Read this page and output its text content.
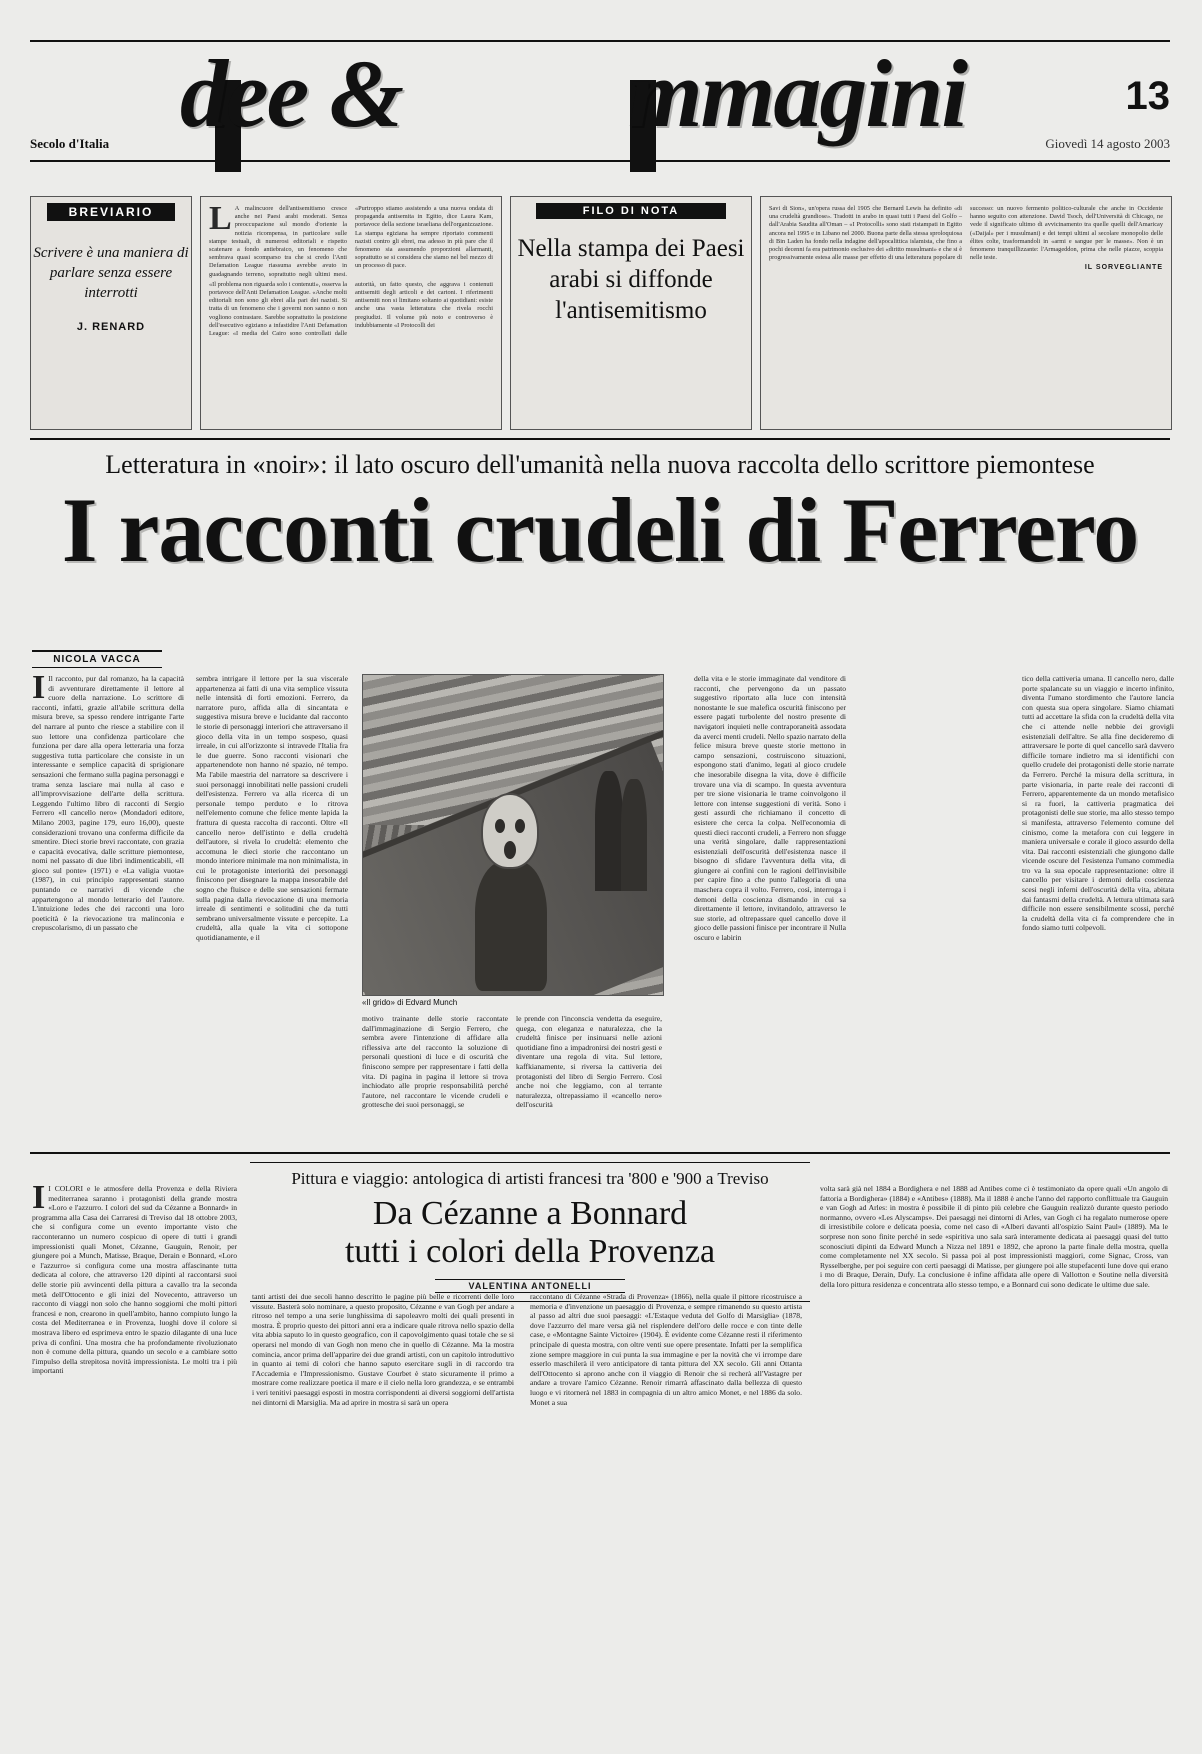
dee & mmagini	13
Secolo d'Italia	Giovedì 14 agosto 2003
BREVIARIO
Scrivere è una maniera di parlare senza essere interrotti
J. RENARD
L A malincuore dell'antisemitismo cresce anche nei Paesi arabi moderati. Senza preoccupazione sul mondo d'oriente la notizia ricompensa, in particolare sulle stampe testuali, di numerosi editoriali e rispetto scatenare a fondo antiebraico, un fenomeno che sembrava quasi scomparso tra che si credo l'Anti Defamation League riassuma avrebbe avuto in guadagnando terreno, soprattutto negli ultimi mesi. «Purtroppo stiamo assistendo a una nuova ondata di propaganda antisemita in Egitto, dice Laura Kam, portavoce della sezione israeliana dell'organizzazione. La stampa egiziana ha sempre riportato commenti nazisti contro gli ebrei, ma adesso in più pare che il fenomeno sia assumendo proporzioni allarmanti, soprattutto se si considera che siamo nel bel mezzo di un processo di pace.
«Il problema non riguarda solo i contenuti», osserva la portavoce dell'Anti Defamation League. «Anche molti editoriali non sono gli ebrei alla pari dei nazisti. Si tratta di un fenomeno che i governi non sanno o non vogliono contrastare. Sarebbe soprattutto la posizione dell'esecutivo egiziano a infastidire l'Anti Defamation League: «I media del Cairo sono controllati dalle autorità, un fatto questo, che aggrava i contenuti antisemiti degli articoli e dei cartoni. I riferimenti antisemiti non si limitano soltanto ai quotidiani: esiste anche una vasta letteratura che rivela rocchi pregiudizi. Il volume più noto e controverso è indubbiamente «I Protocolli dei
FILO DI NOTA
Nella stampa dei Paesi arabi si diffonde l'antisemitismo
Savi di Sion», un'opera russa del 1905 che Bernard Lewis ha definito «di una crudeltà grandiose». Tradotti in arabo in quasi tutti i Paesi del Golfo – dall'Arabia Saudita all'Oman – «I Protocolli» sono stati ristampati in Egitto ancora nel 1995 e in Libano nel 2000. Buona parte della stessa sproloquiosa di Bin Laden ha fondo nella indagine dell'apocalittica islamista, che fino a pochi decenni fa era patrimonio esclusivo dei «diritto musulmani» e che si è progressivamente estesa alle masse per effetto di una letteratura popolare di successo: un nuovo fermento politico-culturale che anche in Occidente hanno seguito con attenzione. David Tsoch, dell'Università di Chicago, ne vede il significato ultimo di avvicinamento tra quelle quelli dell'Amaricay («Daijal» per i musulmani) e dei tempi ultimi al secolare monopolio delle élites colte, trasformandoli in «armi e sangue per le masse». Non è un fenomeno tranquillizzante: l'Armageddon, prima che nelle piazze, scoppia nelle teste.
IL SORVEGLIANTE
Letteratura in «noir»: il lato oscuro dell'umanità nella nuova raccolta dello scrittore piemontese
I racconti crudeli di Ferrero
NICOLA VACCA
I Il racconto, pur dal romanzo, ha la capacità di avventurare direttamente il lettore al cuore della narrazione. Lo scrittore di racconti, infatti, grazie all'abile scrittura della misura breve, sa spesso rendere intrigante l'arte del narrare al punto che riesce a stabilire con il suo lettore una confidenza particolare che funziona per dare alla opera letteraria una forza suggestiva tutta particolare che consiste in un interessante e semplice capacità di sprigionare sensazioni che fermano sulla pagina personaggi e trama senza lasciare mai nulla al caso e all'improvvisazione dell'arte della scrittura. Leggendo l'ultimo libro di racconti di Sergio Ferrero «Il cancello nero» (Mondadori editore, Milano 2003, pagine 179, euro 16,00), queste considerazioni trovano una conferma difficile da smentire. Dieci storie brevi raccontate, con grazia e capacità evocativa, dalle scritture piemontese, nomi nel passato di due libri indimenticabili, «Il gioco sul ponte» (1971) e «La valigia vuota» (1987), in cui principio rappresentati stanno puntando ce narrativi di vicende che appartengono al mondo letterario del l'autore. L'intuizione ledes che dei racconti una loro poeticità è la rievocazione tra malinconia e crepuscolarismo, di un passato che
sembra intrigare il lettore per la sua viscerale appartenenza ai fatti di una vita semplice vissuta nelle intensità di forti emozioni. Ferrero, da narratore puro, affida alla di sincantata e suggestiva misura breve e lucidante dal racconto le storie di personaggi interiori che attraversano il gioco della vita in un tempo sospeso, quasi irreale, in cui all'orizzonte si intravede l'Italia fra le due guerre. Sono racconti visionari che appartenendote non hanno né spazio, né tempo. Ma l'abile maestria del narratore sa descrivere i suoi personaggi innobilitati nelle passioni crudeli dell'esistenza. Ferrero va alla ricerca di un personale tempo perduto e lo ritrova nell'elemento comune che felice mente lapida la frattura di questa raccolta di racconti. Oltre «Il cancello nero» dell'istinto e della crudeltà dell'autore, si rivela lo crudeltà: elemento che accomuna le dieci storie che raccontano un mondo interiore minimale ma non minimalista, in cui le protagoniste interiorità dei personaggi finiscono per disegnare la mappa inesorabile del sogno che fluisce e delle sue sensazioni fermate sulla pagina dalla rievocazione di una memoria irreale di sentimenti e solitudini che da tutti sembrano universalmente vissute e percepite. La crudeltà, alla quale la vita ci sottopone quotidianamente, e il
«Il grido» di Edvard Munch
motivo trainante delle storie raccontate dall'immaginazione di Sergio Ferrero, che sembra avere l'intenzione di affidare alla riflessiva arte del racconto la soluzione di personali questioni di luce e di oscurità che finiscono sempre per rappresentare i fatti della vita. Di pagina in pagina il lettore si trova inchiodato alle proprie responsabilità perché l'autore, nel raccontare le vicende crudeli e grottesche dei suoi personaggi, se
le prende con l'inconscia vendetta da eseguire, quega, con eleganza e naturalezza, che la crudeltà finisce per insinuarsi nelle azioni quotidiane fino a impadronirsi dei nostri gesti e diventare una regola di vita. Sul lettore, kaffkianamente, si riversa la cattiveria dei protagonisti del libro di Sergio Ferrero. Così anche noi che leggiamo, con al terrante naturalezza, oltrepassiamo il «cancello nero» dell'oscurità
della vita e le storie immaginate dal venditore di racconti, che pervengono da un passato suggestivo riportato alla luce con intensità nonostante le sue malefica oscurità finiscono per essere pagati turbolente del nostro presente di navigatori inquieti nelle contraporaneità assodata da averci menti crudeli. Nello spazio narrato della felice misura breve queste storie mettono in campo sensazioni, costruiscono situazioni, espongono stati d'animo, legati al gioco crudele che inesorabile disegna la vita, dove è difficile trovare una via di scampo. In questa avventura per tre sione visionaria le trame coinvolgono il lettore con intense suggestioni di verità. Sono i gesti assurdi che richiamano il concetto di esistere che cerca la colpa. Nell'economia di questi dieci racconti crudeli, a Ferrero non sfugge una verità singolare, dalle rappresentazioni esistenziali dell'oscurità dell'esistenza nasce il bisogno di sfidare l'avventura della vita, di giungere ai confini con le ragioni dell'invisibile per capire fino a che punto l'allegoria di una maschera copra il volto. Ferrero, così, interroga i demoni della coscienza dismando in cui sa direttamente il lettore, invitandolo, attraverso le sue storie, ad oltrepassare quel cancello dove il gioco delle passioni finisce per incontrare il Nulla oscuro e labirin
tico della cattiveria umana. Il cancello nero, dalle porte spalancate su un viaggio e incerto infinito, diventa l'umano stordimento che l'autore lancia con questa sua opera singolare. Siamo chiamati tutti ad accettare la sfida con la crudeltà della vita che ci attende nelle nebbie dei grovigli esistenziali dell'altre. Se alla fine decideremo di attraversare le porte di quel cancello sarà davvero difficile tornare indietro ma si identifichi con quello crudele dei protagonisti delle storie narrate da Ferrero. Perché la misura della scrittura, in parte visionaria, in parte reale dei racconti di Ferrero, apparentemente da un mondo metafisico si ra fuori, la cattiveria pragmatica dei protagonisti delle sue storie, ma allo stesso tempo si manifesta, attraverso l'elemento comune del cinismo, come la metafora con cui leggere in maniera universale e corale il gioco assurdo della vita. Dai racconti esistenziali che giungono dalle vicende oscure del l'esistenza l'umano commedia tro va la sua epocale rappresentazione: oltre il cancello per visitare i demoni della coscienza scesi negli inferni dell'oscurità della vita, abitata dai fantasmi della crudeltà. A lettura ultimata sarà difficile non essere sensibilmente scossi, perché la crudeltà della vita ci fa comprendere che in fondo siamo tutti colpevoli.
Pittura e viaggio: antologica di artisti francesi tra '800 e '900 a Treviso
Da Cézanne a Bonnard
tutti i colori della Provenza
VALENTINA ANTONELLI
I I COLORI e le atmosfere della Provenza e della Riviera mediterranea saranno i protagonisti della grande mostra «Loro e l'azzurro. I colori del sud da Cézanne a Bonnard» in programma alla Casa dei Carraresi di Treviso dal 18 ottobre 2003, che si configura come un evento importante visto che racconteranno un numero cospicuo di opere di tutti i grandi impressionisti quali Monet, Cézanne, Gauguin, Renoir, per giungere poi a Munch, Matisse, Braque, Derain e Bonnard, «Loro e l'azzurro» si configura come una mostra affascinante tutta dedicata al colore, che attraverso 120 dipinti al raccontarsi suoi delle storie più avvincenti della pittura a cavallo tra la seconda metà dell'Ottocento e gli inizi del Novecento, attraverso un racconto di viaggi non solo che hanno soggiorni che molti pittori francesi e non, crearono in quell'ambito, hanno compiuto lungo la costa del Mediterranea e in Provenza, luoghi dove il colore si mostrava libero ed esprimeva entro le spazio dilagante di una luce priva di confini. Una mostra che ha profondamente rivoluzionato non è comune della pittura, quando un secolo e a cambiare sotto l'impulso della strepitosa novità impressionista. Le molti tra i più importanti
tanti artisti dei due secoli hanno descritto le pagine più belle e ricorrenti delle loro vissute. Basterà solo nominare, a questo proposito, Cézanne e van Gogh per andare a ritroso nel tempo a una serie lunghissima di sapoleavro molti dei quali presenti in mostra. È proprio questo dei pittori anni era a indicare quale ritrova nello spazio della vita abbia saputo lo in questo geografico, con il capovolgimento quasi totale che se si operarsi nel mondo di van Gogh non meno che in quello di Cézanne. Ma la mostra comincia, ancor prima dell'apparire dei due grandi artisti, con un capitolo introduttivo in quanto ai temi di colori che hanno saputo esercitare sugli in di raccordo tra l'Accademia e l'Impressionismo. Gustave Courbet è stato sicuramente il primo a mostrare come realizzare poetica il mare e il cielo nella loro grandezza, e se entrambi i veri tenitivi paesaggi esposti in mostra corrispondenti ai diversi soggiorni dell'artista nei dintorni di Marsiglia. Ma ad aprire in mostra si sarà un opera
raccontano di Cézanne «Strada di Provenza» (1866), nella quale il pittore ricostruisce a memoria e d'invenzione un paesaggio di Provenza, e sempre rimanendo su questo artista al passo ad altri due suoi paesaggi: «L'Estaque veduta del Golfo di Marsiglia» (1878, dove l'azzurro del mare versa già nel risplendere dell'oro delle rocce e con tinte delle case, e «Montagne Sainte Victoire» (1904). È evidente come Cézanne resti il riferimento principale di questa mostra, con oltre venti sue opere presentate. Infatti per la semplifica zione sempre maggiore in cui punta la sua immagine e per la novità che vi irrompe dare esserlo maschilerà il vero anticipatore di tanta pittura del XX secolo. Gli anni Ottanta dell'Ottocento si aprono anche con il viaggio di Renoir che si recherà all'Vastagre per andare a trovare l'amico Cézanne. Renoir rimarrà affascinato dalla bellezza di questo luogo e vi ritornerà nel 1883 in compagnia di un altro amico Monet, e nel 1886 da solo. Monet a sua
volta sarà già nel 1884 a Bordighera e nel 1888 ad Antibes come ci è testimoniato da opere quali «Un angolo di fattoria a Bordighera» (1884) e «Antibes» (1888). Ma il 1888 è anche l'anno del rapporto conflittuale tra Gauguin e van Gogh ad Arles: in mostra è possibile il di pinto più celebre che Gauguin realizzò durante questo periodo normanno, ovvero «Les Alyscamps». Dei paesaggi nei dintorni di Arles, van Gogh ci ha regalato numerose opere di irresistibile colore e delicata poesia, come nel caso di «Alberi davanti all'ospizio Saint Paul» (1889). Ma le sorprese non sono finite perché in sede «spiritiva uno sala sarà interamente dedicata ai paesaggi quasi del tutto sconosciuti dipinti da Edward Munch a Nizza nel 1891 e 1892, che aprono la parte finale della mostra, quella come completamente nel XX secolo. Si passa poi al post impressionisti maggiori, come Signac, Cross, van Rysselberghe, per poi seguire con certi paesaggi di Matisse, per giungere poi alle stupefacenti lune dove qui erano i mo di Braque, Derain, Dufy. La conclusione è infine affidata alle opere di Vallotton e Soutine nella diversità della loro pittura residenza e concentrata allo stesso tempo, e a Bonnard cui sono dedicate le ultime due sale.
